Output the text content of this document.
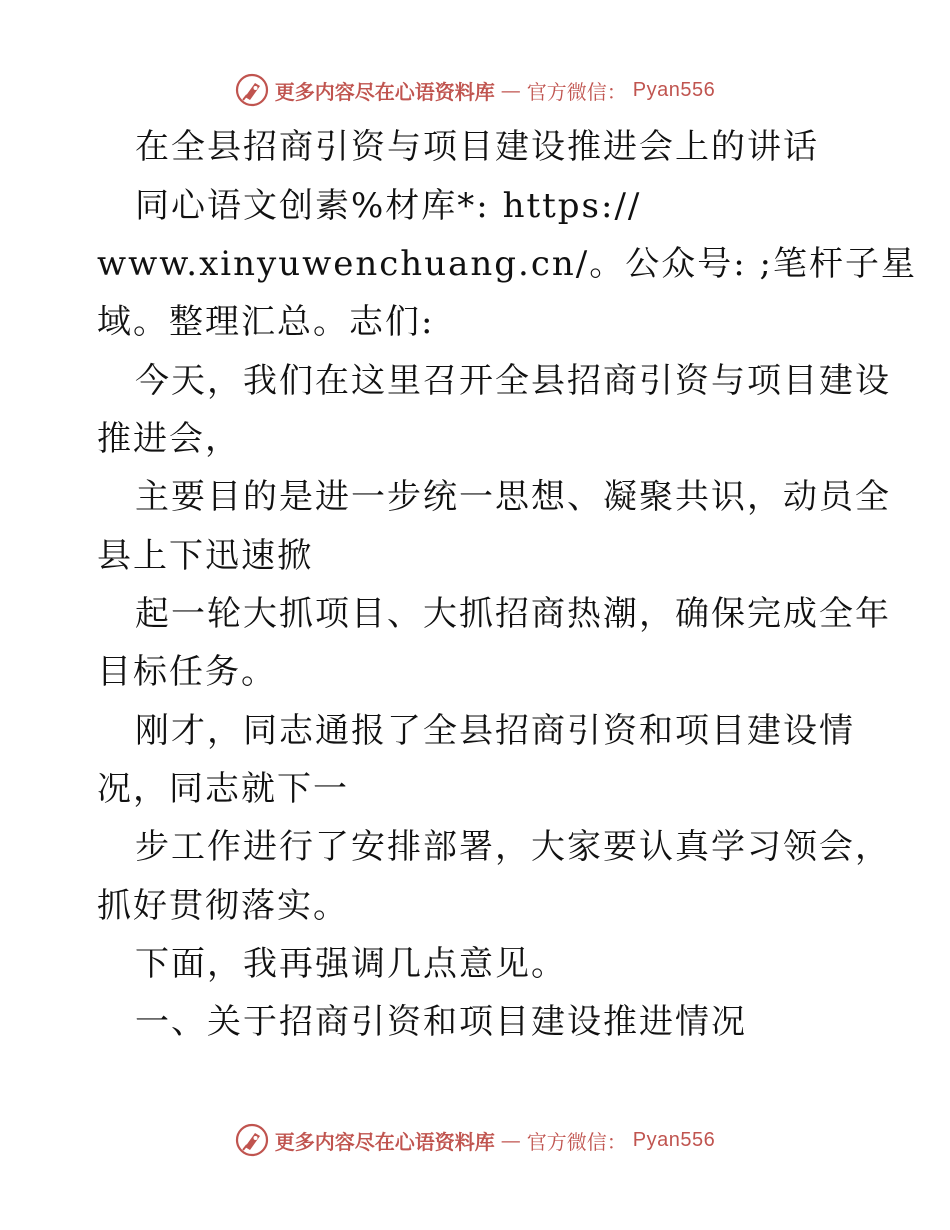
更多内容尽在心语资料库 — 官方微信： Pyan556
在全县招商引资与项目建设推进会上的讲话
同心语文创素%材库*: https://
www.xinyuwenchuang.cn/。公众号: ;笔杆子星
域。整理汇总。志们:
今天，我们在这里召开全县招商引资与项目建设
推进会，
主要目的是进一步统一思想、凝聚共识，动员全
县上下迅速掀
起一轮大抓项目、大抓招商热潮，确保完成全年
目标任务。
刚才，同志通报了全县招商引资和项目建设情
况，同志就下一
步工作进行了安排部署，大家要认真学习领会，
抓好贯彻落实。
下面，我再强调几点意见。
一、关于招商引资和项目建设推进情况
更多内容尽在心语资料库 — 官方微信： Pyan556
